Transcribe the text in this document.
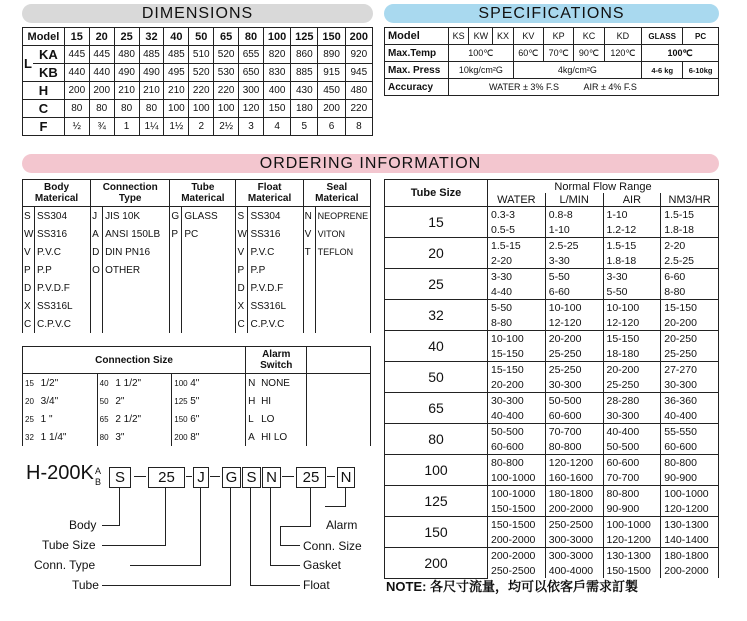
DIMENSIONS	SPECIFICATIONS
ORDERING INFORMATION
Model		15	20	25	32	40	50	65	80	100	125	150	200
L	KA	445	445	480	485	485	510	520	655	820	860	890	920
	KB	440	440	490	490	495	520	530	650	830	885	915	945
H		200	200	210	210	210	220	220	300	400	430	450	480
C		80	80	80	80	100	100	100	120	150	180	200	220
F		½	¾	1	1¼	1½	2	2½	3	4	5	6	8
Model	KS	KW	KX	KV	KP	KC	KD	GLASS	PC
Max.Temp	100℃			60℃	70℃	90℃	120℃	100℃	
Max. Press	10kg/cm²G			4kg/cm²G				4-6 kg	6-10kg
Accuracy	WATER ± 3% F.S AIR ± 4% F.S								
Body Materical		Connection Type		Tube Materical		Float Materical		Seal Materical	
S	SS304	J	JIS 10K	G	GLASS	S	SS304	N	NEOPRENE
W	SS316	A	ANSI 150LB	P	PC	W	SS316	V	VITON
V	P.V.C	D	DIN PN16			V	P.V.C	T	TEFLON
P	P.P	O	OTHER			P	P.P		
D	P.V.D.F					D	P.V.D.F		
X	SS316L					X	SS316L		
C	C.P.V.C					C	C.P.V.C		
Connection Size						Alarm Switch		
15	1/2"	40	1 1/2"	100	4"	N	NONE	
20	3/4"	50	2"	125	5"	H	HI	
25	1 "	65	2 1/2"	150	6"	L	LO	
32	1 1/4"	80	3"	200	8"	A	HI LO	
H-200K A
B S	25	J G S N	25	N
Body
Tube Size
Conn. Type
Tube
Alarm
Conn. Size
Gasket
Float
Tube Size	Normal Flow Range			
	WATER	L/MIN	AIR	NM3/HR
15	0.3-3	0.8-8	1-10	1.5-15
	0.5-5	1-10	1.2-12	1.8-18
20	1.5-15	2.5-25	1.5-15	2-20
	2-20	3-30	1.8-18	2.5-25
25	3-30	5-50	3-30	6-60
	4-40	6-60	5-50	8-80
32	5-50	10-100	10-100	15-150
	8-80	12-120	12-120	20-200
40	10-100	20-200	15-150	20-250
	15-150	25-250	18-180	25-250
50	15-150	25-250	20-200	27-270
	20-200	30-300	25-250	30-300
65	30-300	50-500	28-280	36-360
	40-400	60-600	30-300	40-400
80	50-500	70-700	40-400	55-550
	60-600	80-800	50-500	60-600
100	80-800	120-1200	60-600	80-800
	100-1000	160-1600	70-700	90-900
125	100-1000	180-1800	80-800	100-1000
	150-1500	200-2000	90-900	120-1200
150	150-1500	250-2500	100-1000	130-1300
	200-2000	300-3000	120-1200	140-1400
200	200-2000	300-3000	130-1300	180-1800
	250-2500	400-4000	150-1500	200-2000
NOTE: 各尺寸流量，均可以依客戶需求訂製
